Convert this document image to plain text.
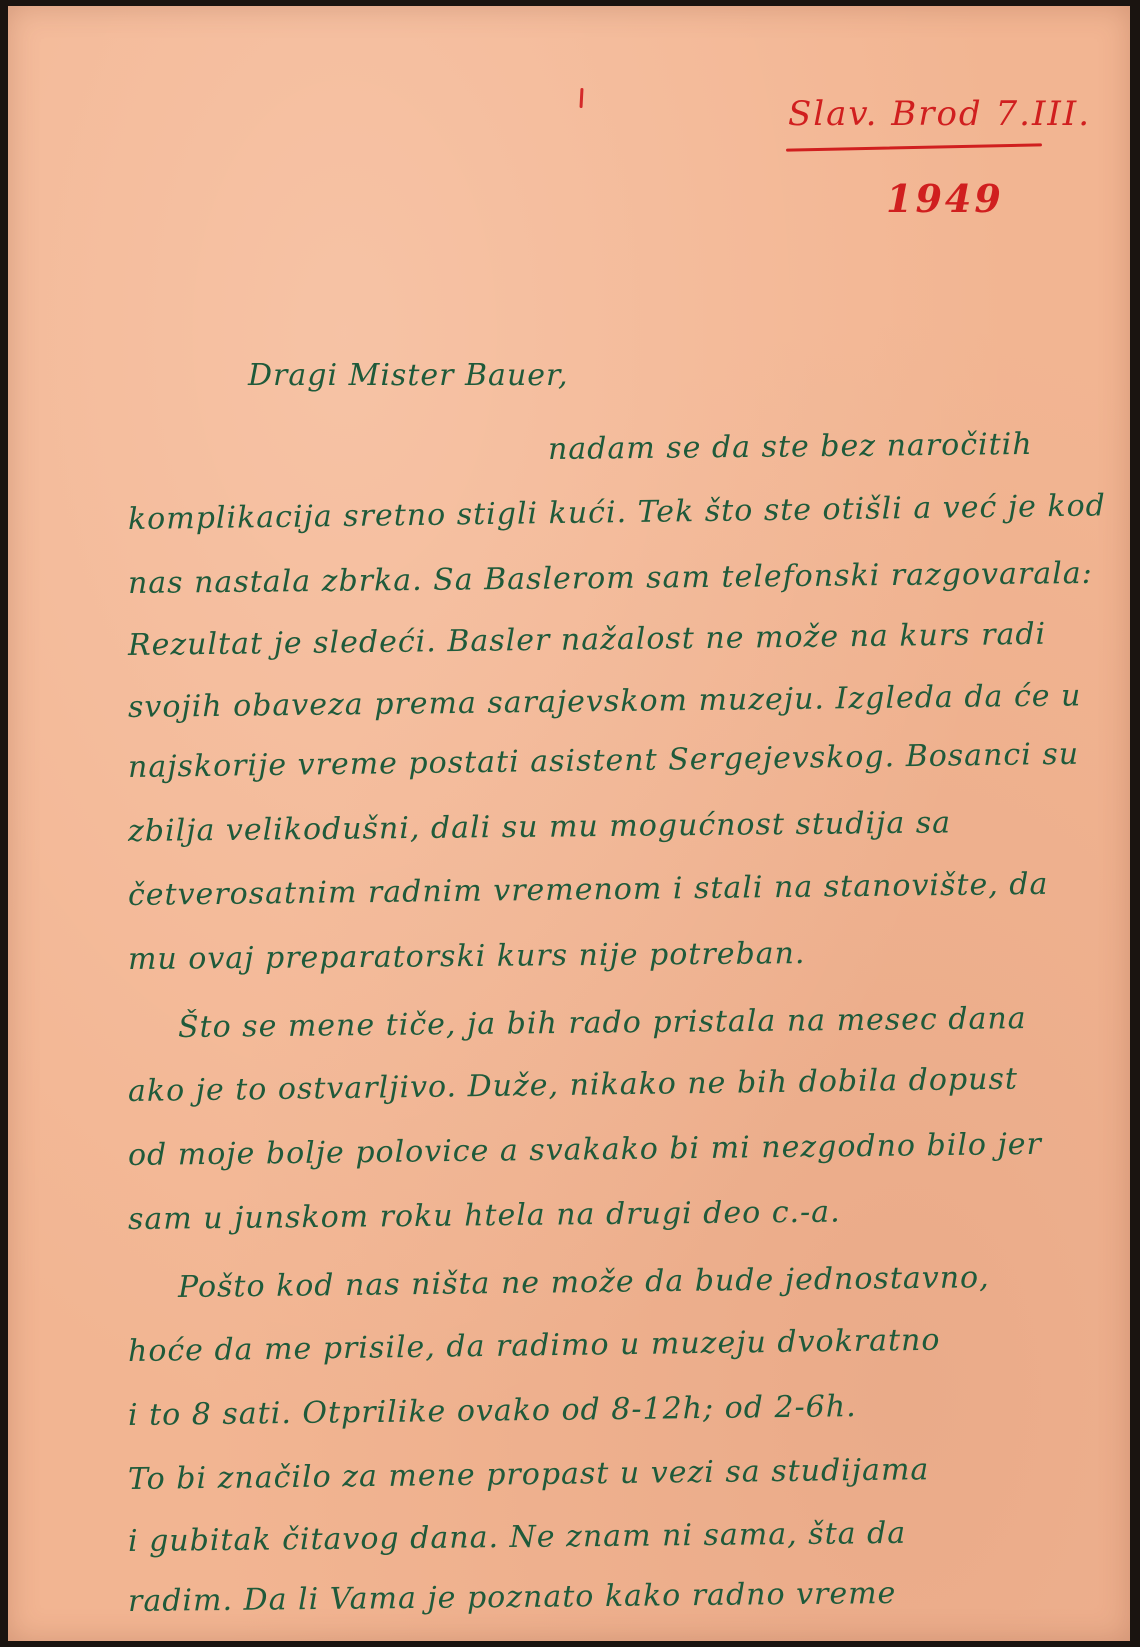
Slav. Brod 7.III.
1949
Dragi Mister Bauer,
nadam se da ste bez naročitih
komplikacija sretno stigli kući. Tek što ste otišli a već je kod
nas nastala zbrka. Sa Baslerom sam telefonski razgovarala:
Rezultat je sledeći. Basler nažalost ne može na kurs radi
svojih obaveza prema sarajevskom muzeju. Izgleda da će u
najskorije vreme postati asistent Sergejevskog. Bosanci su
zbilja velikodušni, dali su mu mogućnost studija sa
četverosatnim radnim vremenom i stali na stanovište, da
mu ovaj preparatorski kurs nije potreban.
Što se mene tiče, ja bih rado pristala na mesec dana
ako je to ostvarljivo. Duže, nikako ne bih dobila dopust
od moje bolje polovice a svakako bi mi nezgodno bilo jer
sam u junskom roku htela na drugi deo c.-a.
Pošto kod nas ništa ne može da bude jednostavno,
hoće da me prisile, da radimo u muzeju dvokratno
i to 8 sati. Otprilike ovako od 8-12h; od 2-6h.
To bi značilo za mene propast u vezi sa studijama
i gubitak čitavog dana. Ne znam ni sama, šta da
radim. Da li Vama je poznato kako radno vreme
